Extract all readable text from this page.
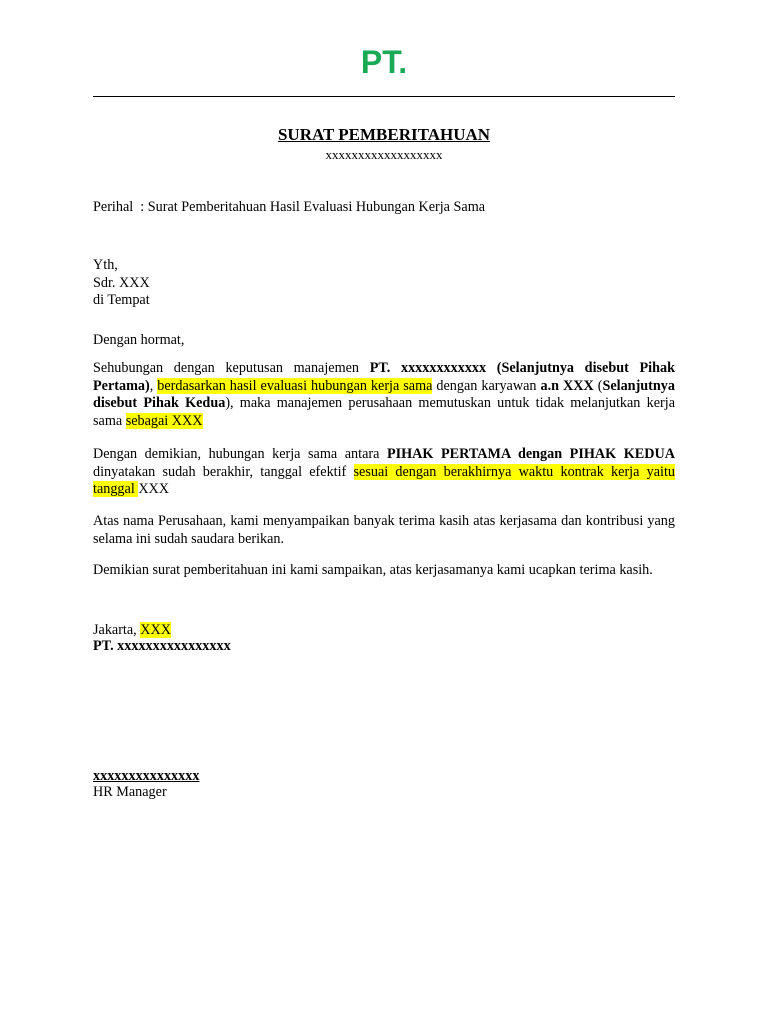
PT.
SURAT PEMBERITAHUAN
xxxxxxxxxxxxxxxxxx
Perihal : Surat Pemberitahuan Hasil Evaluasi Hubungan Kerja Sama
Yth,
Sdr. XXX
di Tempat
Dengan hormat,
Sehubungan dengan keputusan manajemen PT. xxxxxxxxxxxx (Selanjutnya disebut Pihak Pertama), berdasarkan hasil evaluasi hubungan kerja sama dengan karyawan a.n XXX (Selanjutnya disebut Pihak Kedua), maka manajemen perusahaan memutuskan untuk tidak melanjutkan kerja sama sebagai XXX
Dengan demikian, hubungan kerja sama antara PIHAK PERTAMA dengan PIHAK KEDUA dinyatakan sudah berakhir, tanggal efektif sesuai dengan berakhirnya waktu kontrak kerja yaitu tanggal XXX
Atas nama Perusahaan, kami menyampaikan banyak terima kasih atas kerjasama dan kontribusi yang selama ini sudah saudara berikan.
Demikian surat pemberitahuan ini kami sampaikan, atas kerjasamanya kami ucapkan terima kasih.
Jakarta, XXX
PT. xxxxxxxxxxxxxxxx
xxxxxxxxxxxxxxx
HR Manager
